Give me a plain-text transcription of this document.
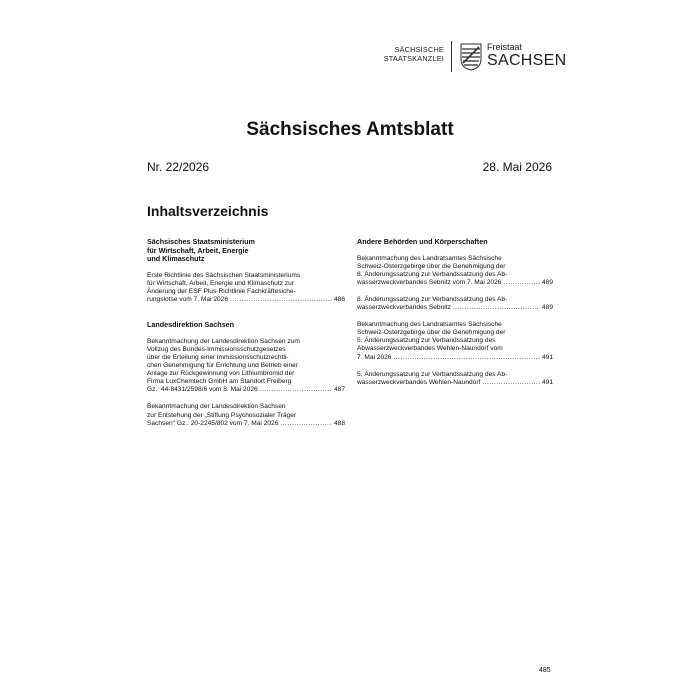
SÄCHSISCHE
STAATSKANZLEI
Freistaat
SACHSEN
Sächsisches Amtsblatt
Nr. 22/2026	28. Mai 2026
Inhaltsverzeichnis
Sächsisches Staatsministerium
für Wirtschaft, Arbeit, Energie
und Klimaschutz
Erste Richtlinie des Sächsischen Staatsministeriums
für Wirtschaft, Arbeit, Energie und Klimaschutz zur
Änderung der ESF Plus-Richtlinie Fachkräftesiche-
rungslotse vom 7. Mai 2026 .....	486
Landesdirektion Sachsen
Bekanntmachung der Landesdirektion Sachsen zum
Vollzug des Bundes-Immissionsschutzgesetzes
über die Erteilung einer immissionsschutzrechtli-
chen Genehmigung für Errichtung und Betrieb einer
Anlage zur Rückgewinnung von Lithiumbromid der
Firma LuxChemtech GmbH am Standort Freiberg
Gz.: 44-8431/2598/6 vom 8. Mai 2026 .....	487
Bekanntmachung der Landesdirektion Sachsen
zur Entstehung der „Stiftung Psychosozialer Träger
Sachsen" Gz.: 20-2245/802 vom 7. Mai 2026 .....	488
Andere Behörden und Körperschaften
Bekanntmachung des Landratsamtes Sächsische
Schweiz-Osterzgebirge über die Genehmigung der
8. Änderungssatzung zur Verbandssatzung des Ab-
wasserzweckverbandes Sebnitz vom 7. Mai 2026 .....	489
8. Änderungssatzung zur Verbandssatzung des Ab-
wasserzweckverbandes Sebnitz .....	489
Bekanntmachung des Landratsamtes Sächsische
Schweiz-Osterzgebirge über die Genehmigung der
5. Änderungssatzung zur Verbandssatzung des
Abwasserzweckverbandes Wehlen-Naundorf vom
7. Mai 2026 .....	491
5. Änderungssatzung zur Verbandssatzung des Ab-
wasserzweckverbandes Wehlen-Naundorf .....	491
485
